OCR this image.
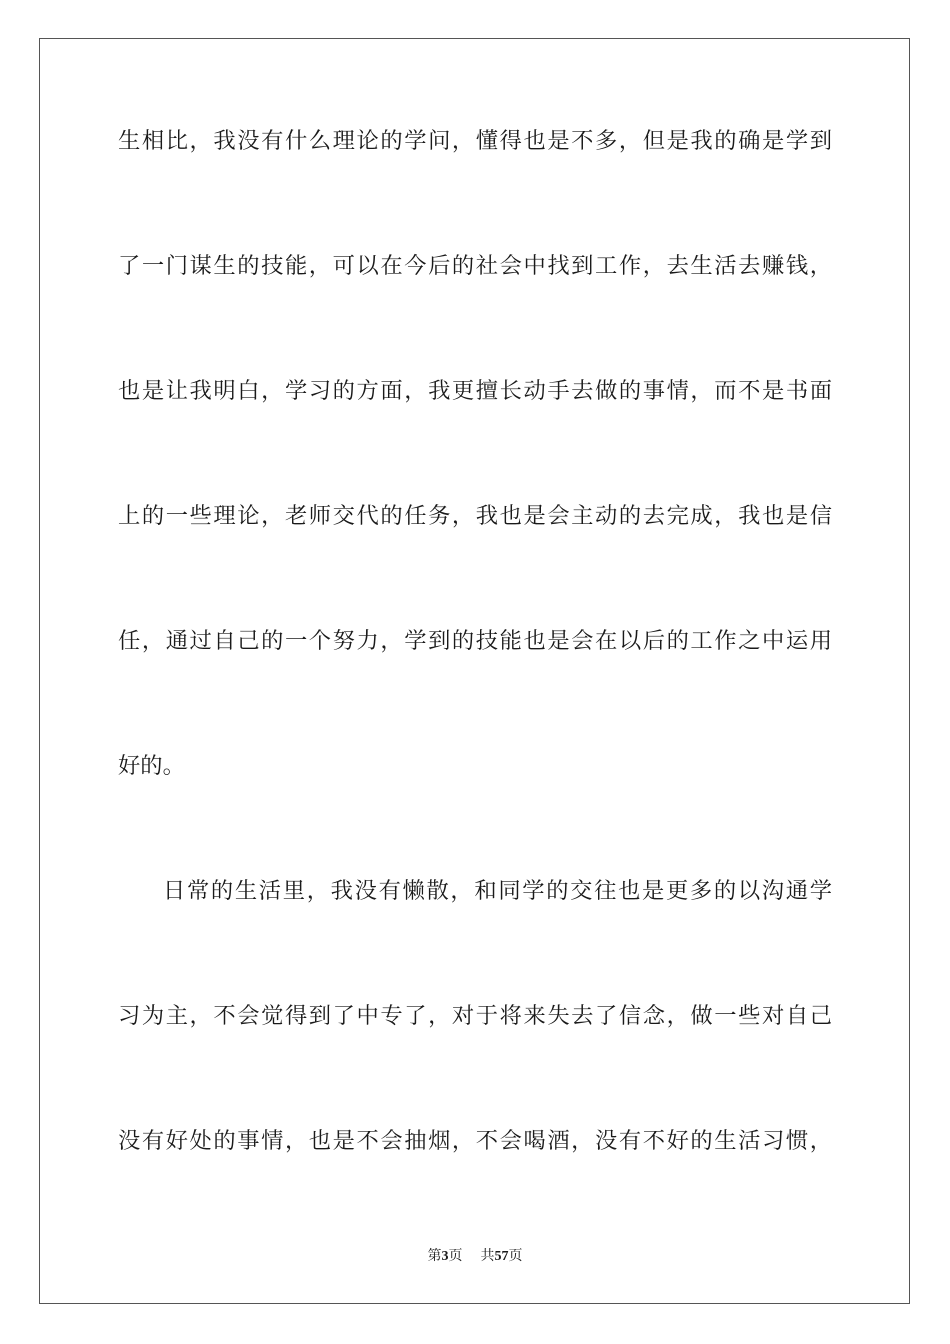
生相比，我没有什么理论的学问，懂得也是不多，但是我的确是学到

了一门谋生的技能，可以在今后的社会中找到工作，去生活去赚钱，

也是让我明白，学习的方面，我更擅长动手去做的事情，而不是书面

上的一些理论，老师交代的任务，我也是会主动的去完成，我也是信

任，通过自己的一个努力，学到的技能也是会在以后的工作之中运用

好的。

日常的生活里，我没有懒散，和同学的交往也是更多的以沟通学

习为主，不会觉得到了中专了，对于将来失去了信念，做一些对自己

没有好处的事情，也是不会抽烟，不会喝酒，没有不好的生活习惯，

第3页 共57页
